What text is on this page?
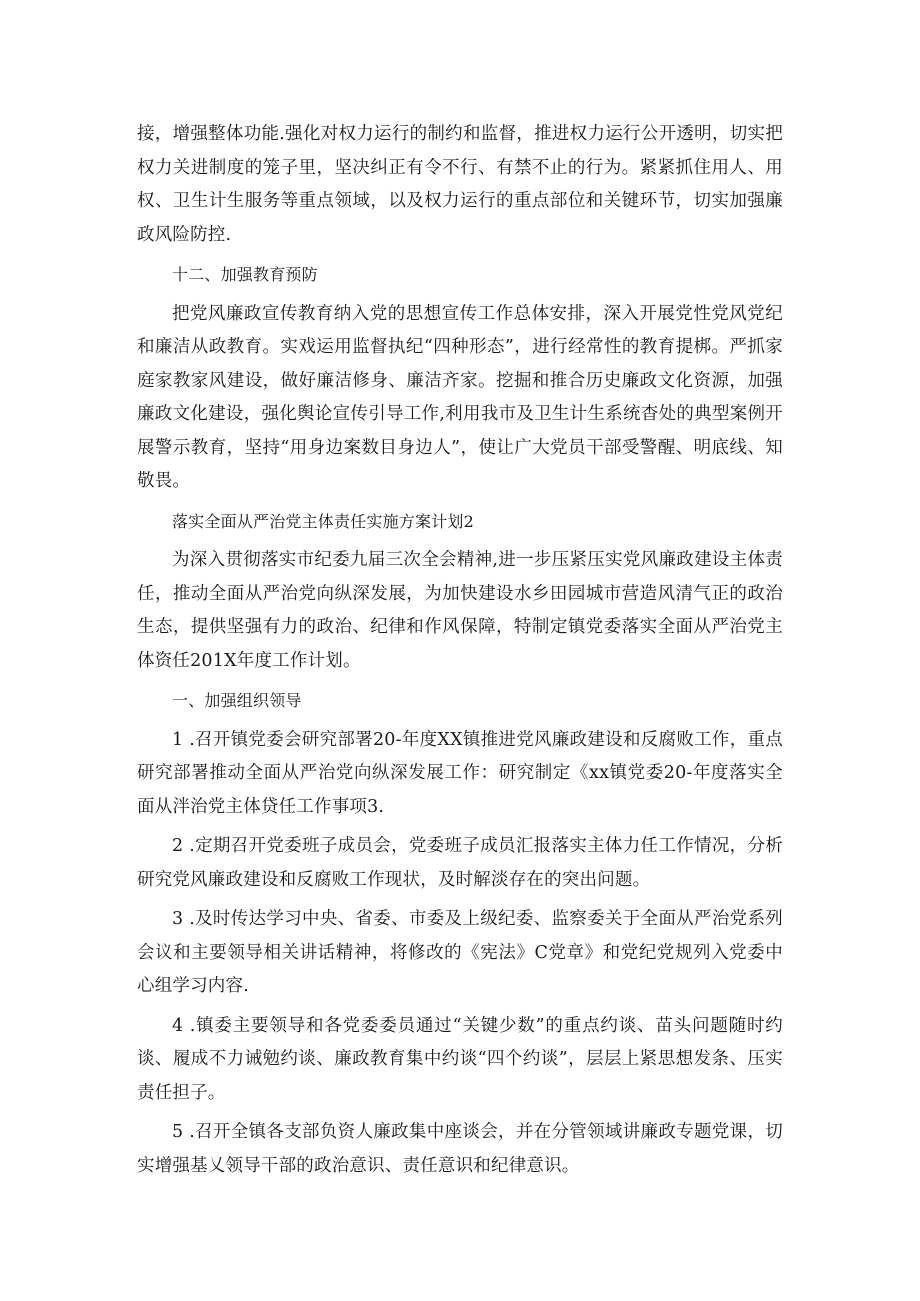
接，增强整体功能.强化对权力运行的制约和监督，推进权力运行公开透明，切实把权力关进制度的笼子里，坚决纠正有令不行、有禁不止的行为。紧紧抓住用人、用权、卫生计生服务等重点领域，以及权力运行的重点部位和关键环节，切实加强廉政风险防控.

十二、加强教育预防

把党风廉政宣传教育纳入党的思想宣传工作总体安排，深入开展党性党风党纪和廉洁从政教育。实戏运用监督执纪“四种形态”，进行经常性的教育提梆。严抓家庭家教家风建设，做好廉洁修身、廉洁齐家。挖掘和推合历史廉政文化资源，加强廉政文化建设，强化舆论宣传引导工作,利用我市及卫生计生系统杳处的典型案例开展警示教育，坚持“用身边案数目身边人”，使让广大党员干部受警醒、明底线、知敬畏。

落实全面从严治党主体责任实施方案计划2

为深入贯彻落实市纪委九届三次全会精神,进一步压紧压实党风廉政建设主体责任，推动全面从严治党向纵深发展，为加快建设水乡田园城市营造风清气正的政治生态，提供坚强有力的政治、纪律和作风保障，特制定镇党委落实全面从严治党主体资任201X年度工作计划。

一、加强组织领导

1 .召开镇党委会研究部署20-年度XX镇推进党风廉政建设和反腐败工作，重点研究部署推动全面从严治党向纵深发展工作：研究制定《xx镇党委20-年度落实全面从泮治党主体贷任工作事项3.

2 .定期召开党委班子成员会，党委班子成员汇报落实主体力任工作情况，分析研究党风廉政建设和反腐败工作现状，及时解淡存在的突出问题。

3 .及时传达学习中央、省委、市委及上级纪委、监察委关于全面从严治党系列会议和主要领导相关讲话精神，将修改的《宪法》C党章》和党纪党规列入党委中心组学习内容.

4 .镇委主要领导和各党委委员通过“关键少数”的重点约谈、苗头问题随时约谈、履成不力诫勉约谈、廉政教育集中约谈“四个约谈”，层层上紧思想发条、压实责任担子。

5 .召开全镇各支部负资人廉政集中座谈会，并在分管领域讲廉政专题党课，切实增强基乂领导干部的政治意识、责任意识和纪律意识。
